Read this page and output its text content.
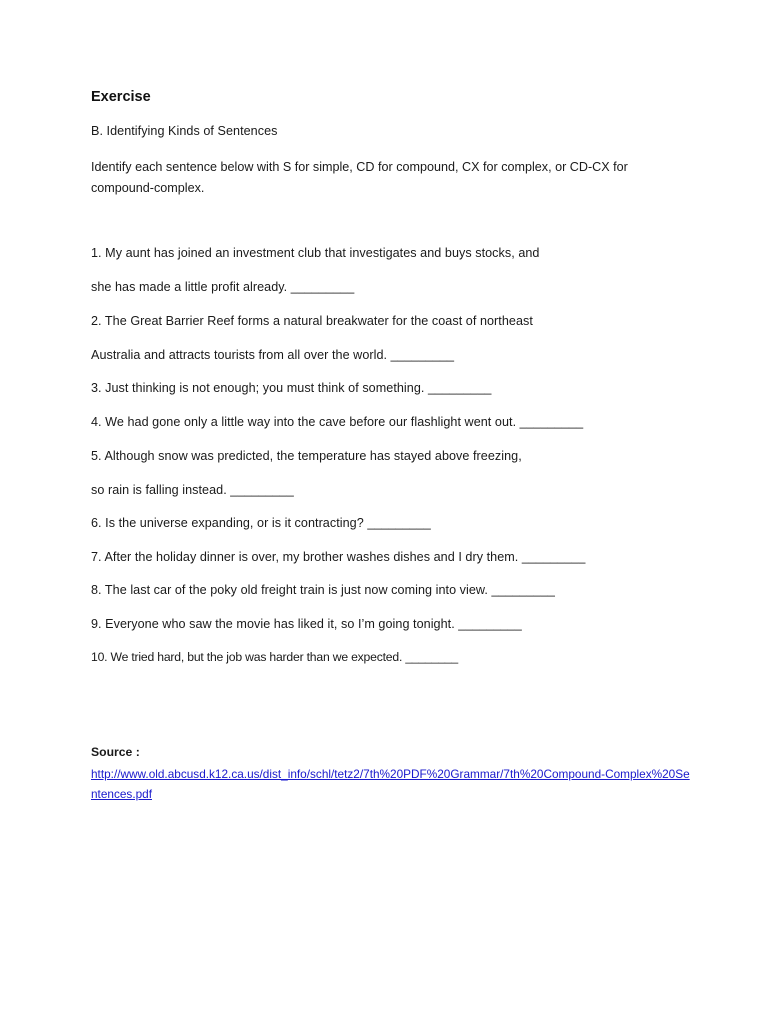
Exercise
B. Identifying Kinds of Sentences
Identify each sentence below with S for simple, CD for compound, CX for complex, or CD-CX for compound-complex.
1. My aunt has joined an investment club that investigates and buys stocks, and
she has made a little profit already. _________
2. The Great Barrier Reef forms a natural breakwater for the coast of northeast
Australia and attracts tourists from all over the world. _________
3. Just thinking is not enough; you must think of something. _________
4. We had gone only a little way into the cave before our flashlight went out. _________
5. Although snow was predicted, the temperature has stayed above freezing,
so rain is falling instead. _________
6. Is the universe expanding, or is it contracting? _________
7. After the holiday dinner is over, my brother washes dishes and I dry them. _________
8. The last car of the poky old freight train is just now coming into view. _________
9. Everyone who saw the movie has liked it, so I’m going tonight. _________
10. We tried hard, but the job was harder than we expected. ________
Source :
http://www.old.abcusd.k12.ca.us/dist_info/schl/tetz2/7th%20PDF%20Grammar/7th%20Compound-Complex%20Sentences.pdf
